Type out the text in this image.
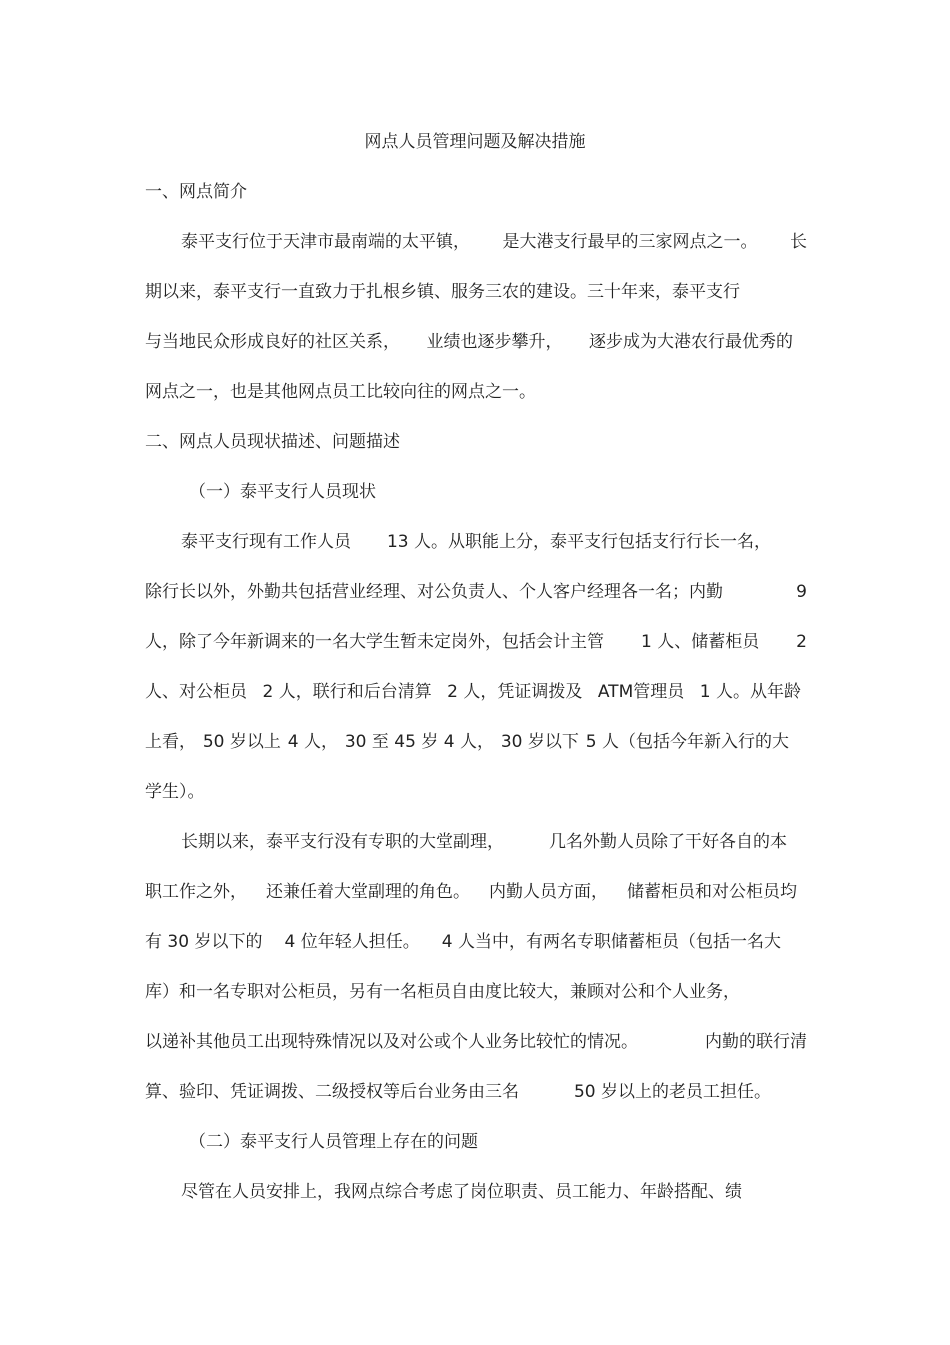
网点人员管理问题及解决措施
一、网点简介
泰平支行位于天津市最南端的太平镇， 是大港支行最早的三家网点之一。 长
期以来，泰平支行一直致力于扎根乡镇、服务三农的建设。三十年来，泰平支行
与当地民众形成良好的社区关系， 业绩也逐步攀升， 逐步成为大港农行最优秀的
网点之一，也是其他网点员工比较向往的网点之一。
二、网点人员现状描述、问题描述
（一）泰平支行人员现状
泰平支行现有工作人员 13 人。从职能上分，泰平支行包括支行行长一名，
除行长以外，外勤共包括营业经理、对公负责人、个人客户经理各一名；内勤	9
人，除了今年新调来的一名大学生暂未定岗外，包括会计主管 1 人、储蓄柜员 2
人、对公柜员 2 人，联行和后台清算 2 人，凭证调拨及 ATM管理员 1 人。从年龄
上看， 50 岁以上 4 人， 30 至 45 岁 4 人， 30 岁以下 5 人（包括今年新入行的大
学生）。
长期以来，泰平支行没有专职的大堂副理，	几名外勤人员除了干好各自的本
职工作之外， 还兼任着大堂副理的角色。 内勤人员方面， 储蓄柜员和对公柜员均
有 30 岁以下的 4 位年轻人担任。 4 人当中，有两名专职储蓄柜员（包括一名大
库）和一名专职对公柜员，另有一名柜员自由度比较大，兼顾对公和个人业务，
以递补其他员工出现特殊情况以及对公或个人业务比较忙的情况。	内勤的联行清
算、验印、凭证调拨、二级授权等后台业务由三名	50 岁以上的老员工担任。
（二）泰平支行人员管理上存在的问题
尽管在人员安排上，我网点综合考虑了岗位职责、员工能力、年龄搭配、绩
